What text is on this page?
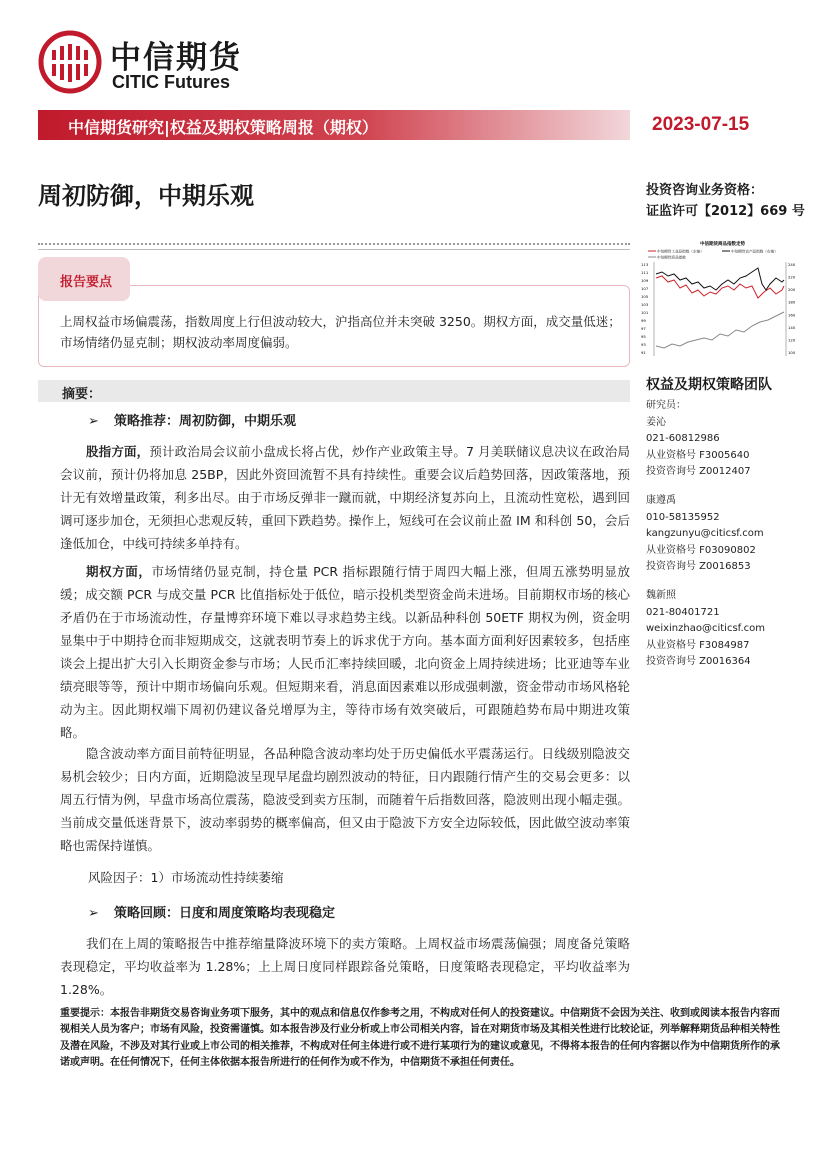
中信期货
CITIC Futures
中信期货研究|权益及期权策略周报（期权）	2023-07-15
周初防御，中期乐观	投资咨询业务资格：
证监许可【2012】669 号
报告要点
上周权益市场偏震荡，指数周度上行但波动较大，沪指高位并未突破 3250。期权方面，成交量低迷；市场情绪仍显克制；期权波动率周度偏弱。
摘要：
➢ 策略推荐：周初防御，中期乐观
股指方面，预计政治局会议前小盘成长将占优，炒作产业政策主导。7 月美联储议息决议在政治局会议前，预计仍将加息 25BP，因此外资回流暂不具有持续性。重要会议后趋势回落，因政策落地，预计无有效增量政策，利多出尽。由于市场反弹非一蹴而就，中期经济复苏向上，且流动性宽松，遇到回调可逐步加仓，无须担心悲观反转，重回下跌趋势。操作上，短线可在会议前止盈 IM 和科创 50，会后逢低加仓，中线可持续多单持有。
期权方面，市场情绪仍显克制，持仓量 PCR 指标跟随行情于周四大幅上涨，但周五涨势明显放缓；成交额 PCR 与成交量 PCR 比值指标处于低位，暗示投机类型资金尚未进场。目前期权市场的核心矛盾仍在于市场流动性，存量博弈环境下难以寻求趋势主线。以新品种科创 50ETF 期权为例，资金明显集中于中期持仓而非短期成交，这就表明节奏上的诉求优于方向。基本面方面利好因素较多，包括座谈会上提出扩大引入长期资金参与市场；人民币汇率持续回暖，北向资金上周持续进场；比亚迪等车业绩亮眼等等，预计中期市场偏向乐观。但短期来看，消息面因素难以形成强刺激，资金带动市场风格轮动为主。因此期权端下周初仍建议备兑增厚为主，等待市场有效突破后，可跟随趋势布局中期进攻策略。
隐含波动率方面目前特征明显，各品种隐含波动率均处于历史偏低水平震荡运行。日线级别隐波交易机会较少；日内方面，近期隐波呈现早尾盘均剧烈波动的特征，日内跟随行情产生的交易会更多：以周五行情为例，早盘市场高位震荡，隐波受到卖方压制，而随着午后指数回落，隐波则出现小幅走强。当前成交量低迷背景下，波动率弱势的概率偏高，但又由于隐波下方安全边际较低，因此做空波动率策略也需保持谨慎。
风险因子：1）市场流动性持续萎缩
➢ 策略回顾：日度和周度策略均表现稳定
我们在上周的策略报告中推荐缩量降波环境下的卖方策略。上周权益市场震荡偏强；周度备兑策略表现稳定，平均收益率为 1.28%；上上周日度同样跟踪备兑策略，日度策略表现稳定，平均收益率为 1.28%。
重要提示：本报告非期货交易咨询业务项下服务，其中的观点和信息仅作参考之用，不构成对任何人的投资建议。中信期货不会因为关注、收到或阅读本报告内容而视相关人员为客户；市场有风险，投资需谨慎。如本报告涉及行业分析或上市公司相关内容，旨在对期货市场及其相关性进行比较论证，列举解释期货品种相关特性及潜在风险，不涉及对其行业或上市公司的相关推荐，不构成对任何主体进行或不进行某项行为的建议或意见，不得将本报告的任何内容据以作为中信期货所作的承诺或声明。在任何情况下，任何主体依据本报告所进行的任何作为或不作为，中信期货不承担任何责任。
中信期货商品指数走势
中信期货工业品指数（左轴）	中信期货农产品指数（右轴）
中信期货商品指数
113
111
109
107
105
103
101
99
97
95
93
91
240
220
200
180
160
140
120
100
权益及期权策略团队
研究员：
姜沁
021-60812986
从业资格号 F3005640
投资咨询号 Z0012407
康遵禹
010-58135952
kangzunyu@citicsf.com
从业资格号 F03090802
投资咨询号 Z0016853
魏新照
021-80401721
weixinzhao@citicsf.com
从业资格号 F3084987
投资咨询号 Z0016364
